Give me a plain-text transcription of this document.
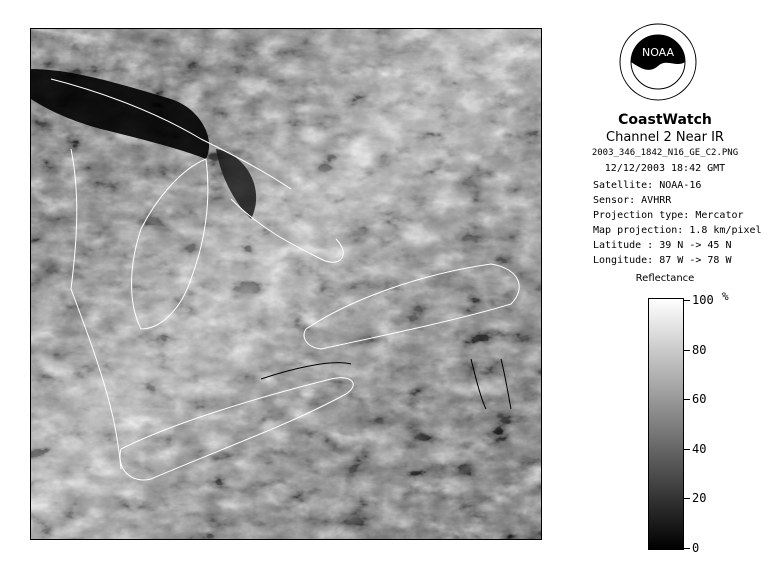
NOAA
CoastWatch
Channel 2 Near IR
2003_346_1842_N16_GE_C2.PNG
12/12/2003 18:42 GMT
Satellite: NOAA-16
Sensor: AVHRR
Projection type: Mercator
Map projection: 1.8 km/pixel
Latitude : 39 N -> 45 N
Longitude: 87 W -> 78 W
Reflectance
%
100
80
60
40
20
0
